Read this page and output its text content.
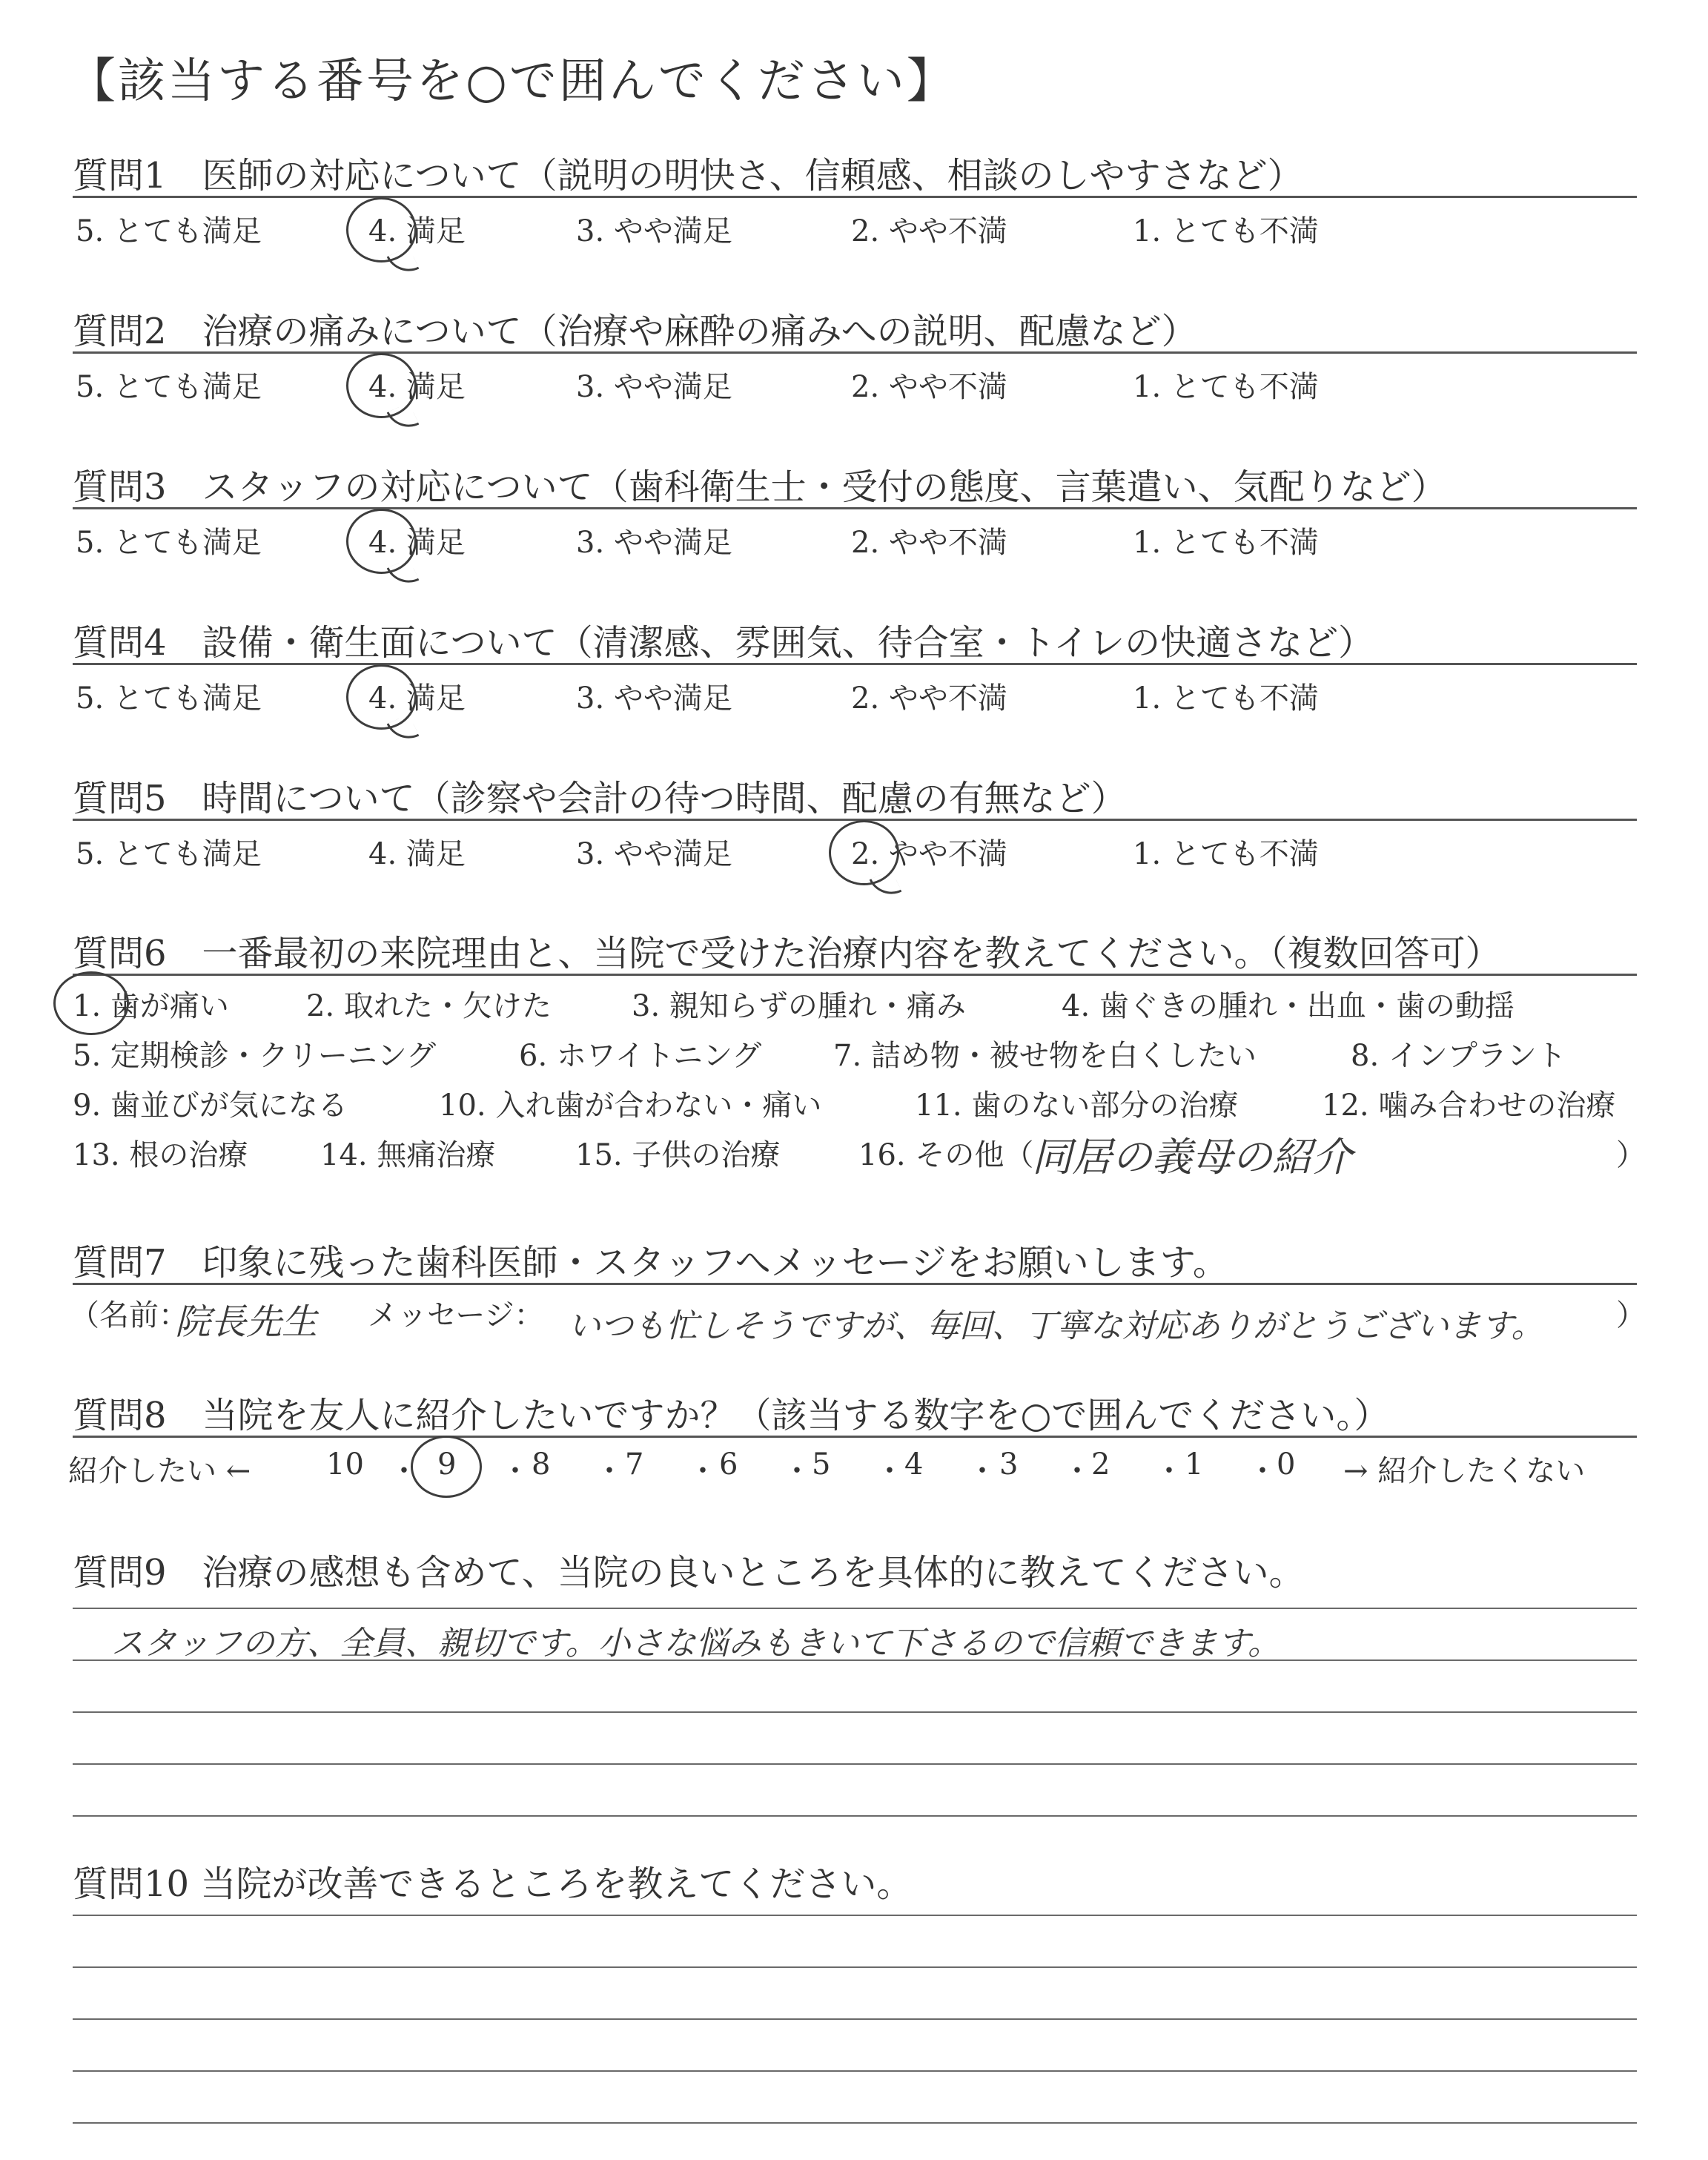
【該当する番号を○で囲んでください】
質問1　医師の対応について（説明の明快さ、信頼感、相談のしやすさなど）
5. とても満足	4. 満足	3. やや満足	2. やや不満	1. とても不満
質問2　治療の痛みについて（治療や麻酔の痛みへの説明、配慮など）
5. とても満足	4. 満足	3. やや満足	2. やや不満	1. とても不満
質問3　スタッフの対応について（歯科衛生士・受付の態度、言葉遣い、気配りなど）
5. とても満足	4. 満足	3. やや満足	2. やや不満	1. とても不満
質問4　設備・衛生面について（清潔感、雰囲気、待合室・トイレの快適さなど）
5. とても満足	4. 満足	3. やや満足	2. やや不満	1. とても不満
質問5　時間について（診察や会計の待つ時間、配慮の有無など）
5. とても満足	4. 満足	3. やや満足	2. やや不満	1. とても不満
質問6　一番最初の来院理由と、当院で受けた治療内容を教えてください。（複数回答可）
1. 歯が痛い	2. 取れた・欠けた	3. 親知らずの腫れ・痛み	4. 歯ぐきの腫れ・出血・歯の動揺
5. 定期検診・クリーニング	6. ホワイトニング 7. 詰め物・被せ物を白くしたい	8. インプラント
9. 歯並びが気になる	10. 入れ歯が合わない・痛い	11. 歯のない部分の治療	12. 噛み合わせの治療
13. 根の治療 14. 無痛治療	15. 子供の治療	16. その他（
同居の義母の紹介	）
質問7　印象に残った歯科医師・スタッフへメッセージをお願いします。
（名前：
院長先生 メッセージ： いつも忙しそうですが、毎回、丁寧な対応ありがとうございます。 ）
質問8　当院を友人に紹介したいですか？（該当する数字を○で囲んでください。）
紹介したい ←	→ 紹介したくない
10 ・ 9 ・ 8 ・ 7 ・ 6 ・ 5 ・ 4 ・ 3 ・ 2 ・ 1 ・ 0
質問9　治療の感想も含めて、当院の良いところを具体的に教えてください。
スタッフの方、全員、親切です。小さな悩みもきいて下さるので信頼できます。
質問10 当院が改善できるところを教えてください。
